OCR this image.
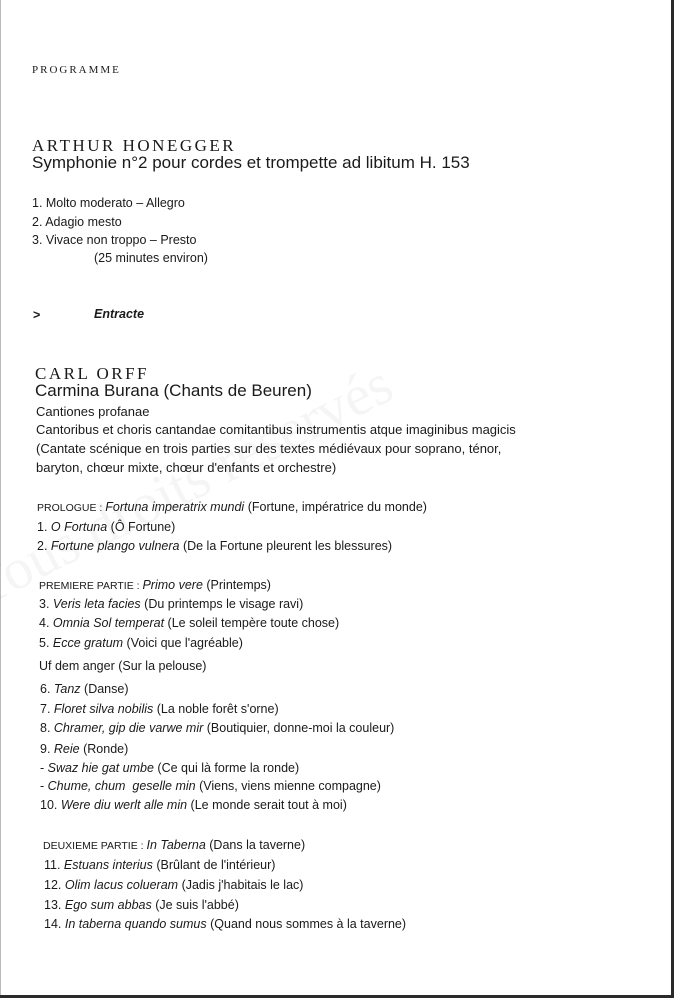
PROGRAMME
ARTHUR HONEGGER
Symphonie n°2 pour cordes et trompette ad libitum H. 153
1. Molto moderato – Allegro
2. Adagio mesto
3. Vivace non troppo – Presto
(25 minutes environ)
>	Entracte
CARL ORFF
Carmina Burana (Chants de Beuren)
Cantiones profanae
Cantoribus et choris cantandae comitantibus instrumentis atque imaginibus magicis
(Cantate scénique en trois parties sur des textes médiévaux pour soprano, ténor,
baryton, chœur mixte, chœur d'enfants et orchestre)
PROLOGUE : Fortuna imperatrix mundi (Fortune, impératrice du monde)
1. O Fortuna (Ô Fortune)
2. Fortune plango vulnera (De la Fortune pleurent les blessures)
PREMIERE PARTIE : Primo vere (Printemps)
3. Veris leta facies (Du printemps le visage ravi)
4. Omnia Sol temperat (Le soleil tempère toute chose)
5. Ecce gratum (Voici que l'agréable)
Uf dem anger (Sur la pelouse)
6. Tanz (Danse)
7. Floret silva nobilis (La noble forêt s'orne)
8. Chramer, gip die varwe mir (Boutiquier, donne-moi la couleur)
9. Reie (Ronde)
- Swaz hie gat umbe (Ce qui là forme la ronde)
- Chume, chum  geselle min (Viens, viens mienne compagne)
10. Were diu werlt alle min (Le monde serait tout à moi)
DEUXIEME PARTIE : In Taberna (Dans la taverne)
11. Estuans interius (Brûlant de l'intérieur)
12. Olim lacus colueram (Jadis j'habitais le lac)
13. Ego sum abbas (Je suis l'abbé)
14. In taberna quando sumus (Quand nous sommes à la taverne)
